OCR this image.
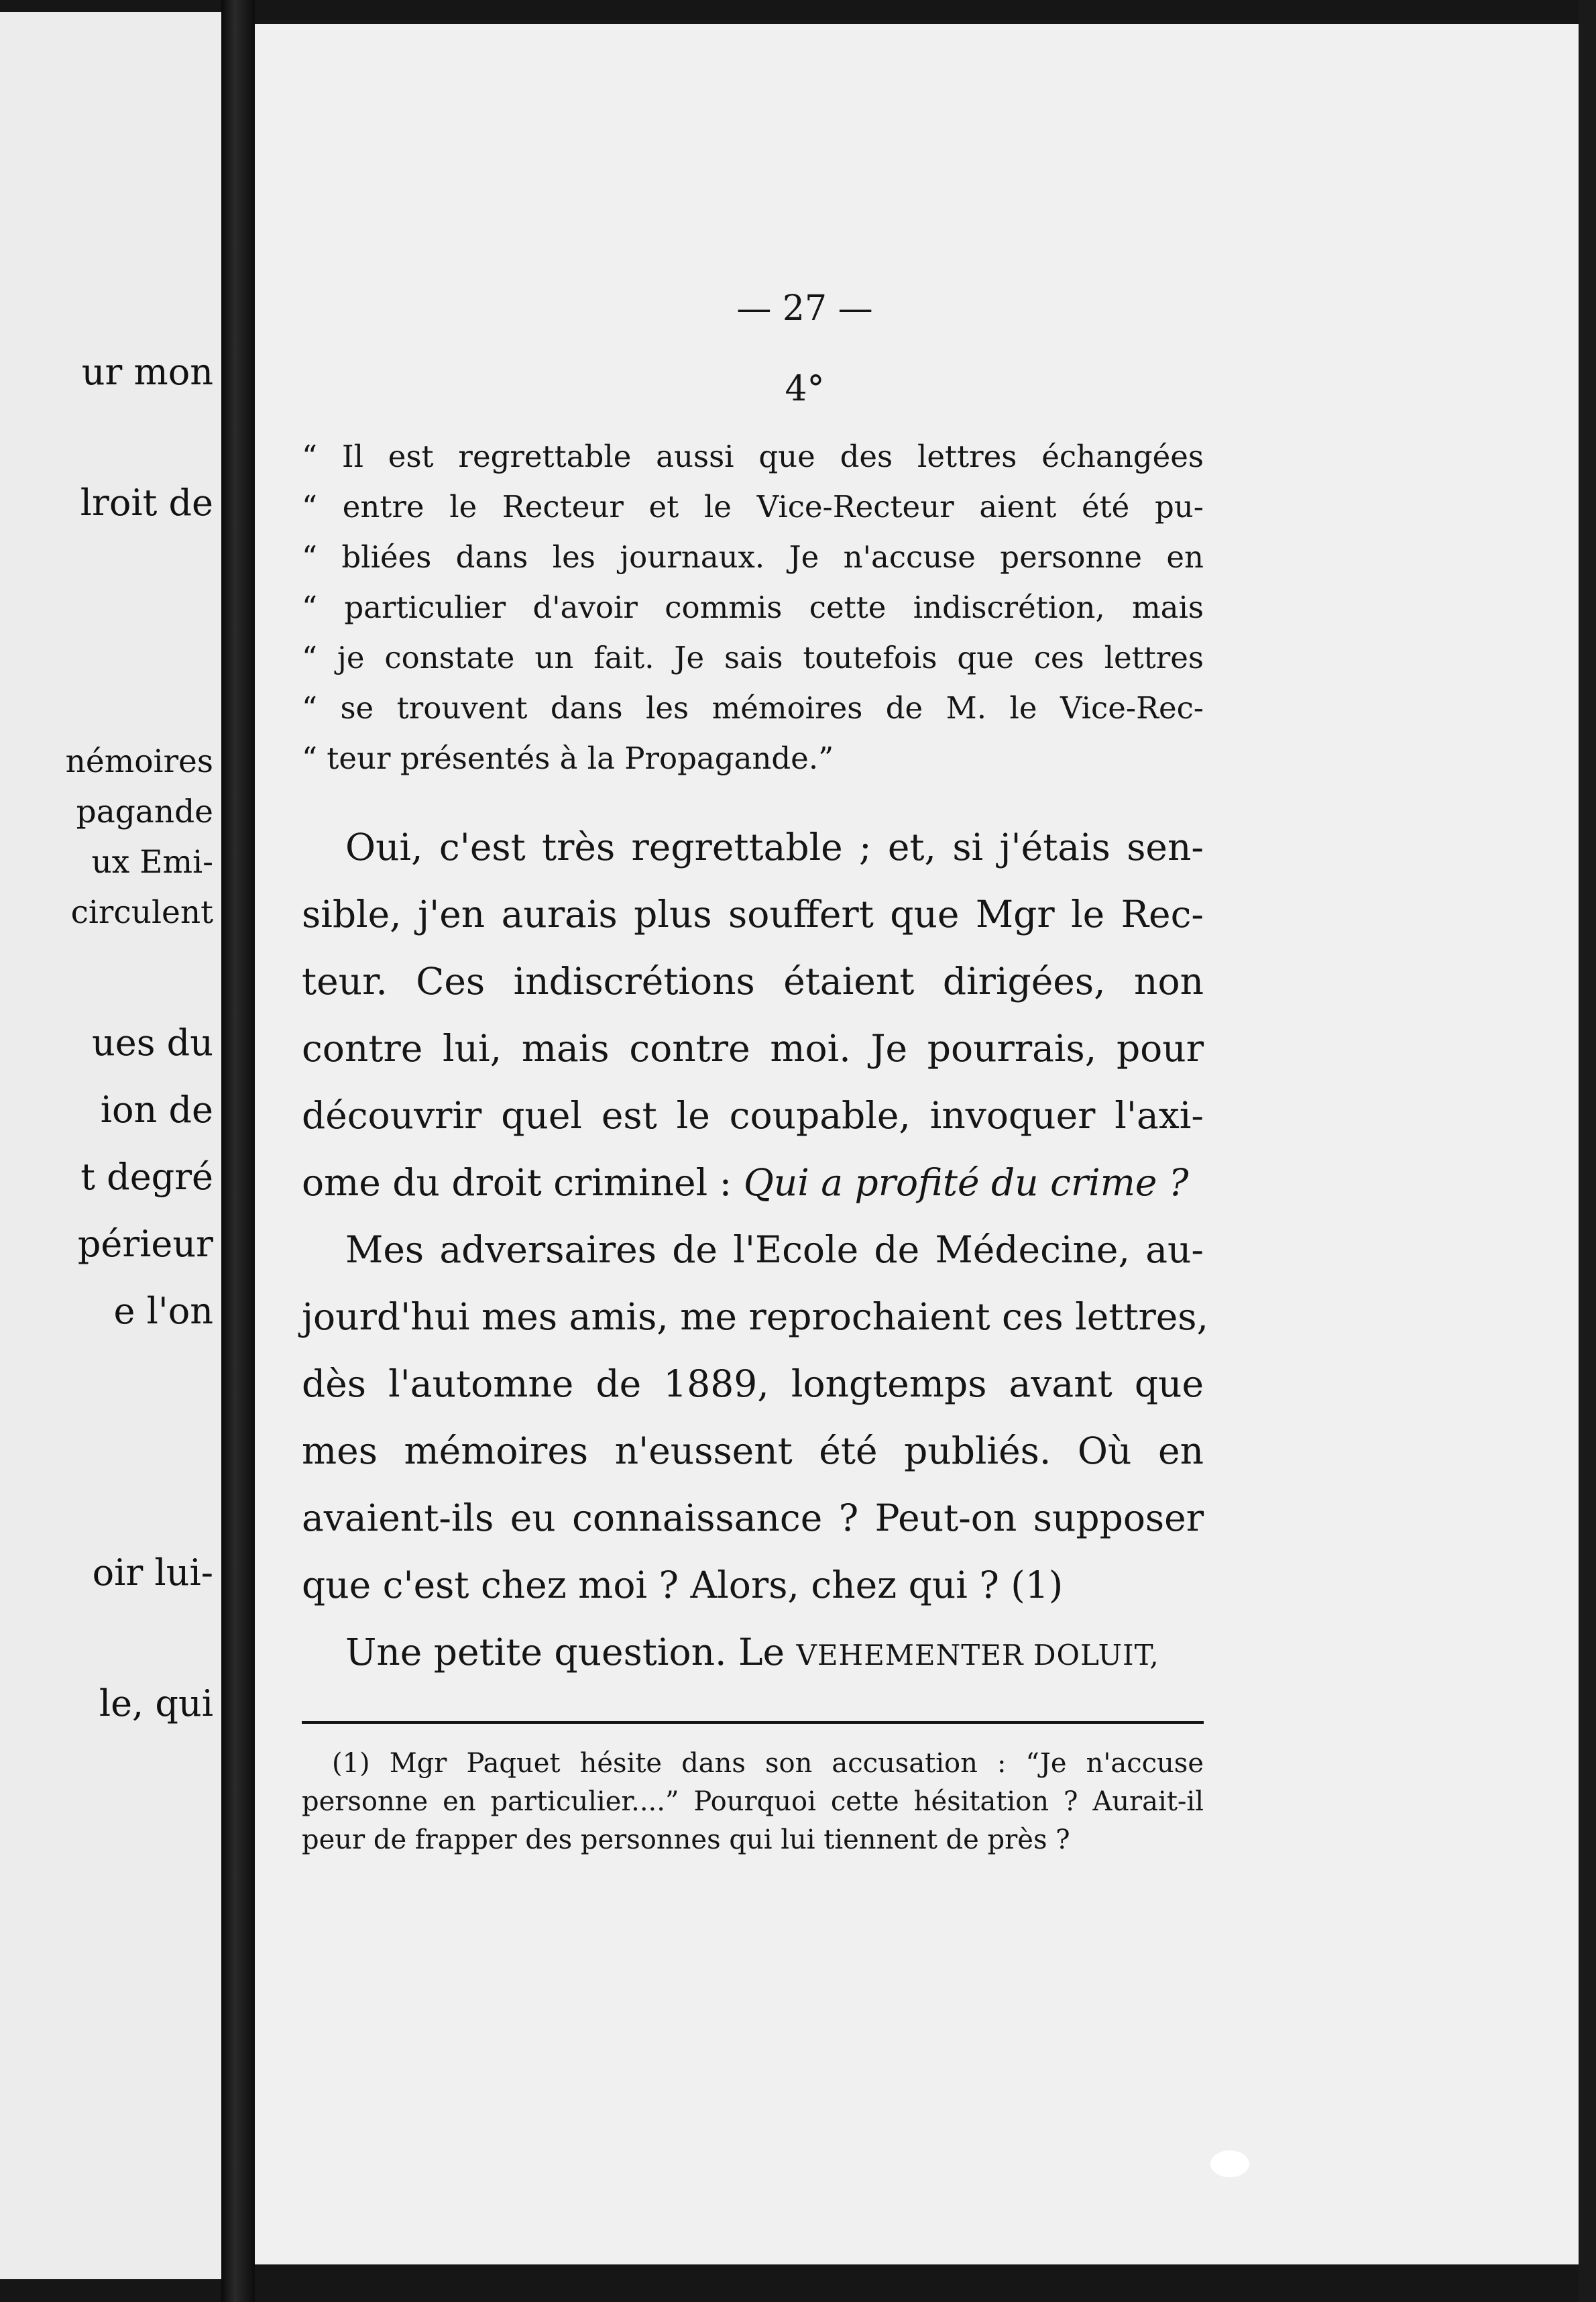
ur mon
lroit de
némoires
pagande
ux Emi-
circulent
ues du
ion de
t degré
périeur
e l'on
oir lui-
le, qui
— 27 —
4°
“ Il est regrettable aussi que des lettres échangées
“ entre le Recteur et le Vice-Recteur aient été pu-
“ bliées dans les journaux. Je n'accuse personne en
“ particulier d'avoir commis cette indiscrétion, mais
“ je constate un fait. Je sais toutefois que ces lettres
“ se trouvent dans les mémoires de M. le Vice-Rec-
“ teur présentés à la Propagande.”
Oui, c'est très regrettable ; et, si j'étais sen-
sible, j'en aurais plus souffert que Mgr le Rec-
teur. Ces indiscrétions étaient dirigées, non
contre lui, mais contre moi. Je pourrais, pour
découvrir quel est le coupable, invoquer l'axi-
ome du droit criminel : Qui a profité du crime ?
Mes adversaires de l'Ecole de Médecine, au-
jourd'hui mes amis, me reprochaient ces lettres,
dès l'automne de 1889, longtemps avant que
mes mémoires n'eussent été publiés. Où en
avaient-ils eu connaissance ? Peut-on supposer
que c'est chez moi ? Alors, chez qui ? (1)
Une petite question. Le VEHEMENTER DOLUIT,
(1) Mgr Paquet hésite dans son accusation : “Je n'accuse
personne en particulier....” Pourquoi cette hésitation ? Aurait-il
peur de frapper des personnes qui lui tiennent de près ?
